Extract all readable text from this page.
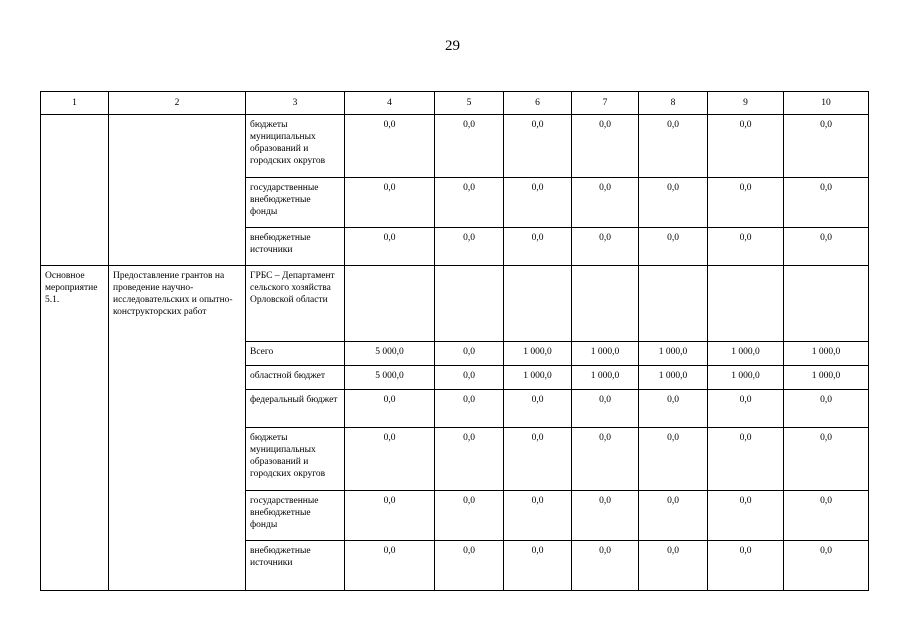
29
1	2	3	4	5	6	7	8	9	10
		бюджеты муниципальных образований и городских округов	0,0	0,0	0,0	0,0	0,0	0,0	0,0
		государственные внебюджетные фонды	0,0	0,0	0,0	0,0	0,0	0,0	0,0
		внебюджетные источники	0,0	0,0	0,0	0,0	0,0	0,0	0,0
Основное мероприятие 5.1.	Предоставление грантов на проведение научно-исследовательских и опытно-конструкторских работ	ГРБС – Департамент сельского хозяйства Орловской области							
		Всего	5 000,0	0,0	1 000,0	1 000,0	1 000,0	1 000,0	1 000,0
		областной бюджет	5 000,0	0,0	1 000,0	1 000,0	1 000,0	1 000,0	1 000,0
		федеральный бюджет	0,0	0,0	0,0	0,0	0,0	0,0	0,0
		бюджеты муниципальных образований и городских округов	0,0	0,0	0,0	0,0	0,0	0,0	0,0
		государственные внебюджетные фонды	0,0	0,0	0,0	0,0	0,0	0,0	0,0
		внебюджетные источники	0,0	0,0	0,0	0,0	0,0	0,0	0,0
